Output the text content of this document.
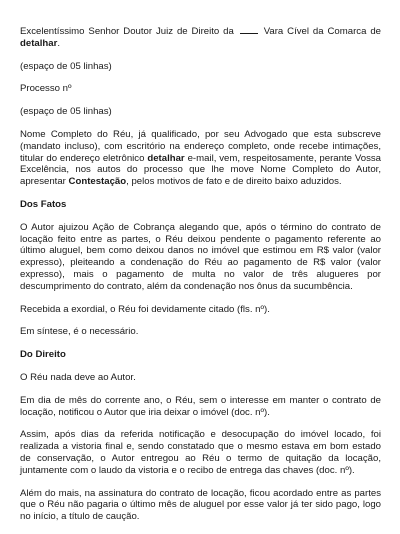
Excelentíssimo Senhor Doutor Juiz de Direito da	Vara Cível da Comarca de detalhar.

(espaço de 05 linhas)

Processo nº

(espaço de 05 linhas)

Nome Completo do Réu, já qualificado, por seu Advogado que esta subscreve (mandato incluso), com escritório na endereço completo, onde recebe intimações, titular do endereço eletrônico detalhar e-mail, vem, respeitosamente, perante Vossa Excelência, nos autos do processo que lhe move Nome Completo do Autor, apresentar Contestação, pelos motivos de fato e de direito baixo aduzidos.

Dos Fatos

O Autor ajuizou Ação de Cobrança alegando que, após o término do contrato de locação feito entre as partes, o Réu deixou pendente o pagamento referente ao último aluguel, bem como deixou danos no imóvel que estimou em R$ valor (valor expresso), pleiteando a condenação do Réu ao pagamento de R$ valor (valor expresso), mais o pagamento de multa no valor de três alugueres por descumprimento do contrato, além da condenação nos ônus da sucumbência.

Recebida a exordial, o Réu foi devidamente citado (fls. nº).

Em síntese, é o necessário.

Do Direito

O Réu nada deve ao Autor.

Em dia de mês do corrente ano, o Réu, sem o interesse em manter o contrato de locação, notificou o Autor que iria deixar o imóvel (doc. nº).

Assim, após dias da referida notificação e desocupação do imóvel locado, foi realizada a vistoria final e, sendo constatado que o mesmo estava em bom estado de conservação, o Autor entregou ao Réu o termo de quitação da locação, juntamente com o laudo da vistoria e o recibo de entrega das chaves (doc. nº).

Além do mais, na assinatura do contrato de locação, ficou acordado entre as partes que o Réu não pagaria o último mês de aluguel por esse valor já ter sido pago, logo no início, a título de caução.
